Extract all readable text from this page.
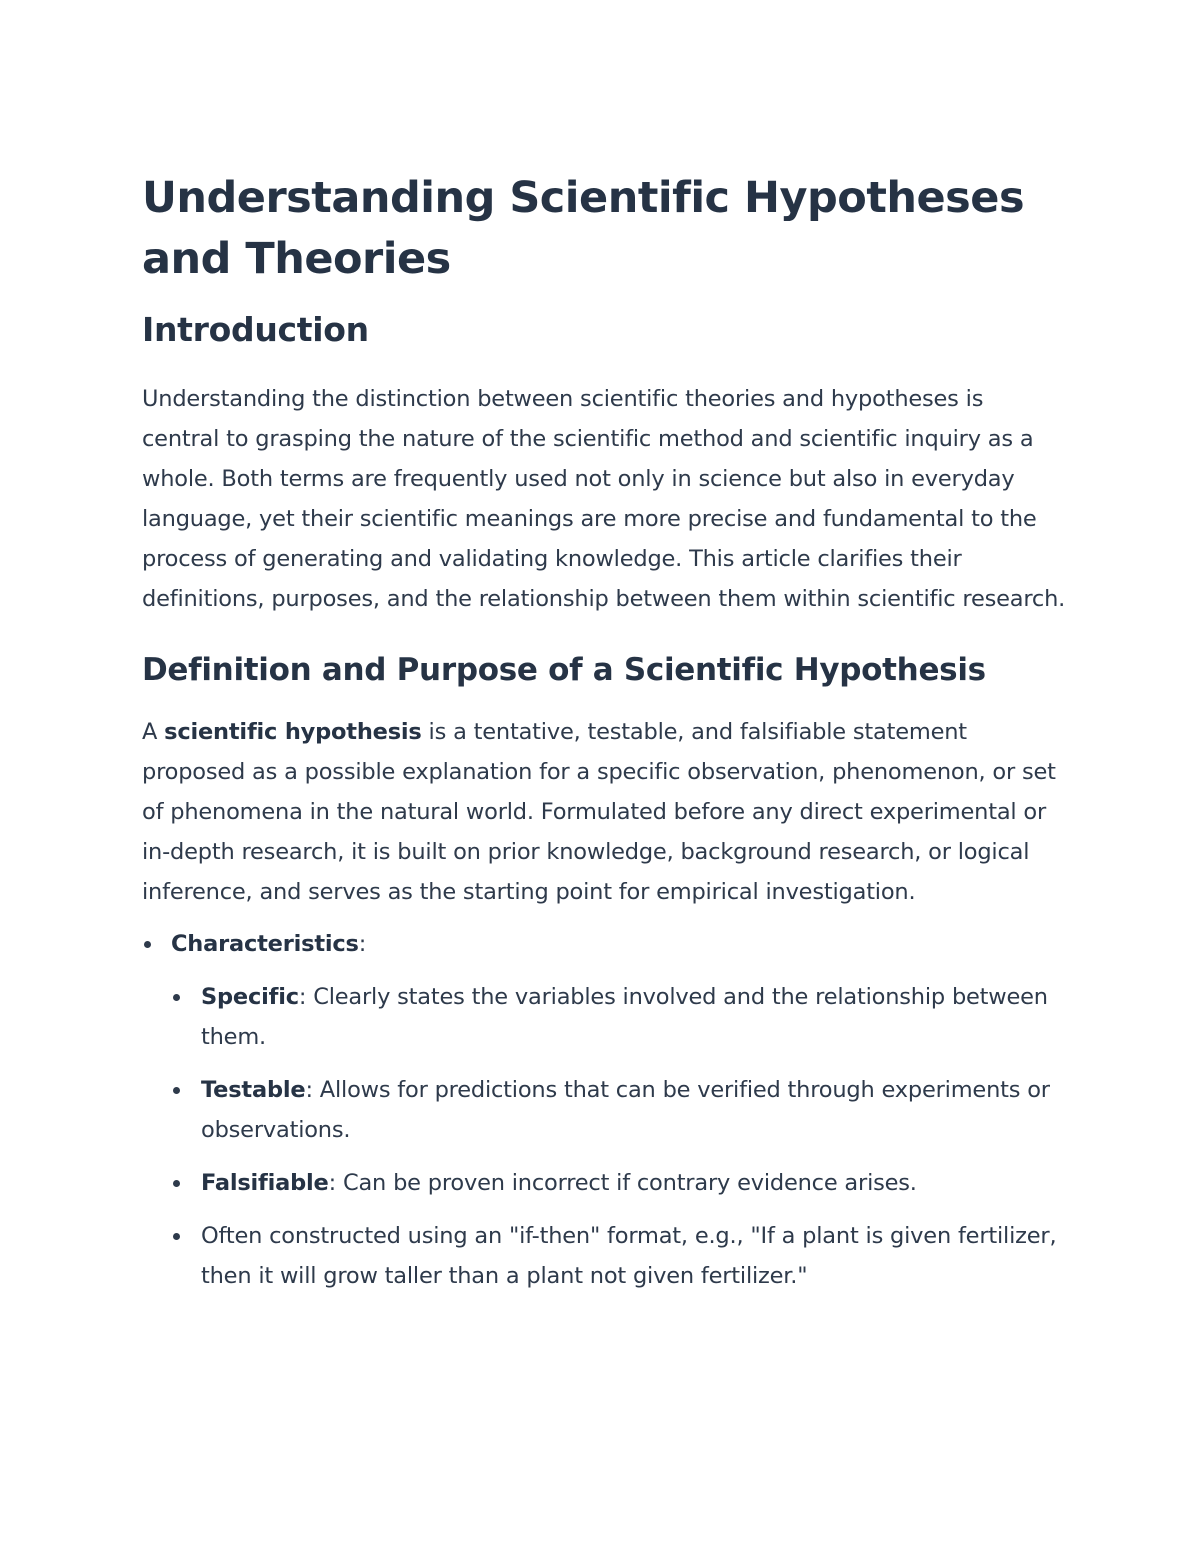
Understanding Scientific Hypotheses and Theories
Introduction

Understanding the distinction between scientific theories and hypotheses is central to grasping the nature of the scientific method and scientific inquiry as a whole. Both terms are frequently used not only in science but also in everyday language, yet their scientific meanings are more precise and fundamental to the process of generating and validating knowledge. This article clarifies their definitions, purposes, and the relationship between them within scientific research.

Definition and Purpose of a Scientific Hypothesis

A scientific hypothesis is a tentative, testable, and falsifiable statement proposed as a possible explanation for a specific observation, phenomenon, or set of phenomena in the natural world. Formulated before any direct experimental or in-depth research, it is built on prior knowledge, background research, or logical inference, and serves as the starting point for empirical investigation.

Characteristics:
Specific: Clearly states the variables involved and the relationship between them.
Testable: Allows for predictions that can be verified through experiments or observations.
Falsifiable: Can be proven incorrect if contrary evidence arises.
Often constructed using an "if-then" format, e.g., "If a plant is given fertilizer, then it will grow taller than a plant not given fertilizer."
